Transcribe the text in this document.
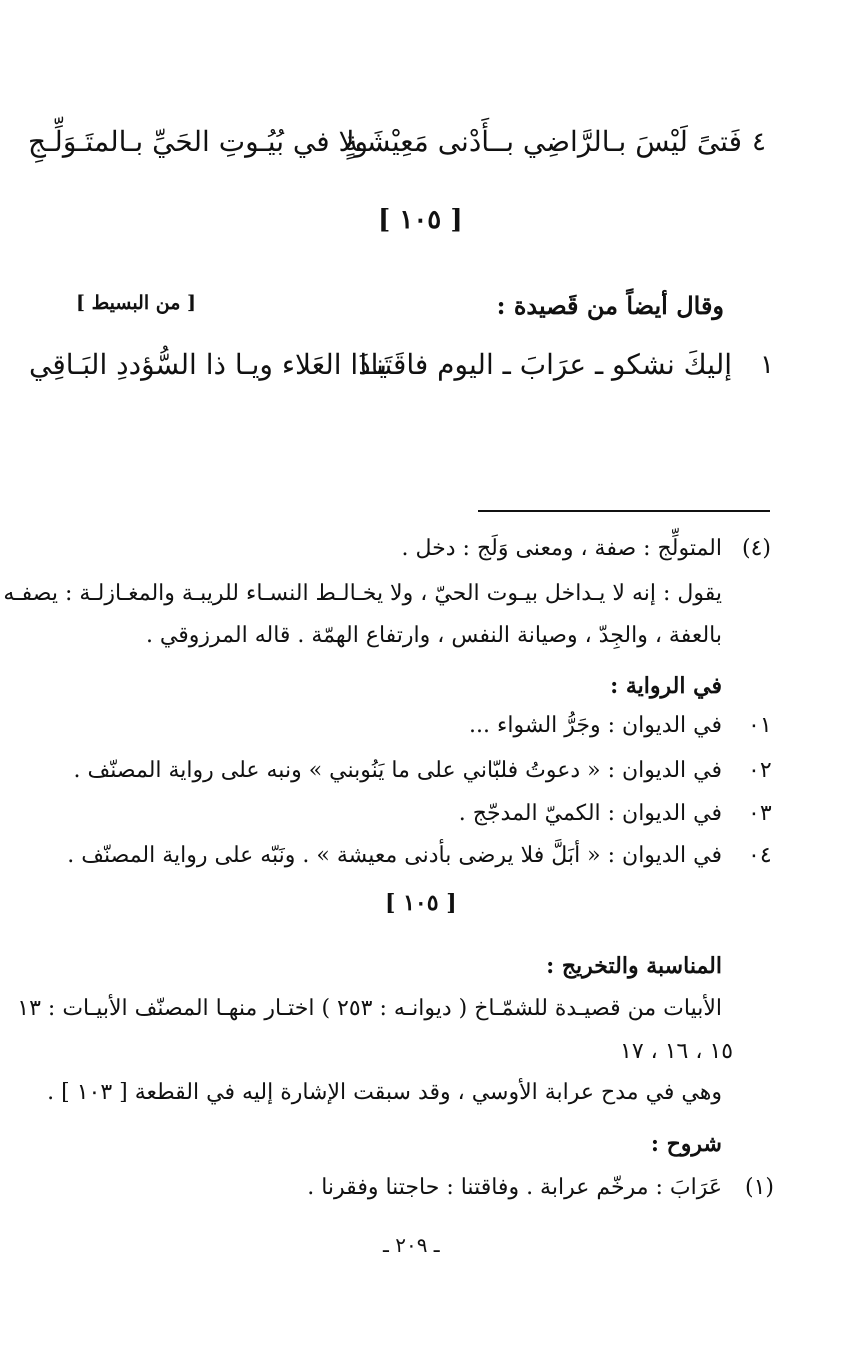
٤
فَتىً لَيْسَ بـالرَّاضِي بــأَدْنى مَعِيْشَـةٍ
ولا في بُيُـوتِ الحَيِّ بـالمتَـوَلِّـجِ
[ ١٠٥ ]
وقال أيضاً من قَصيدة :
[ من البسيط ]
١
إليكَ نشكو ـ عرَابَ ـ اليوم فاقَتَنـا
ياذَا العَلاء ويـا ذا السُّؤددِ البَـاقِي
(٤)
المتولِّج : صفة ، ومعنى وَلَج : دخل .
يقول : إنه لا يـداخل بيـوت الحيّ ، ولا يخـالـط النسـاء للريبـة والمغـازلـة : يصفـه
بالعفة ، والجِدّ ، وصيانة النفس ، وارتفاع الهمّة . قاله المرزوقي .
في الرواية :
٠١
في الديوان : وجَرُّ الشواء ...
٠٢
في الديوان : « دعوتُ فلبّاني على ما يَنُوبني » ونبه على رواية المصنّف .
٠٣
في الديوان : الكميّ المدجّج .
٠٤
في الديوان : « أبَلَّ فلا يرضى بأدنى معيشة » . ونَبّه على رواية المصنّف .
[ ١٠٥ ]
المناسبة والتخريج :
الأبيات من قصيـدة للشمّـاخ ( ديوانـه : ٢٥٣ ) اختـار منهـا المصنّف الأبيـات : ١٣
١٥ ، ١٦ ، ١٧
وهي في مدح عرابة الأوسي ، وقد سبقت الإشارة إليه في القطعة [ ١٠٣ ] .
شروح :
(١)
عَرَابَ : مرخّم عرابة . وفاقتنا : حاجتنا وفقرنا .
ـ ٢٠٩ ـ
